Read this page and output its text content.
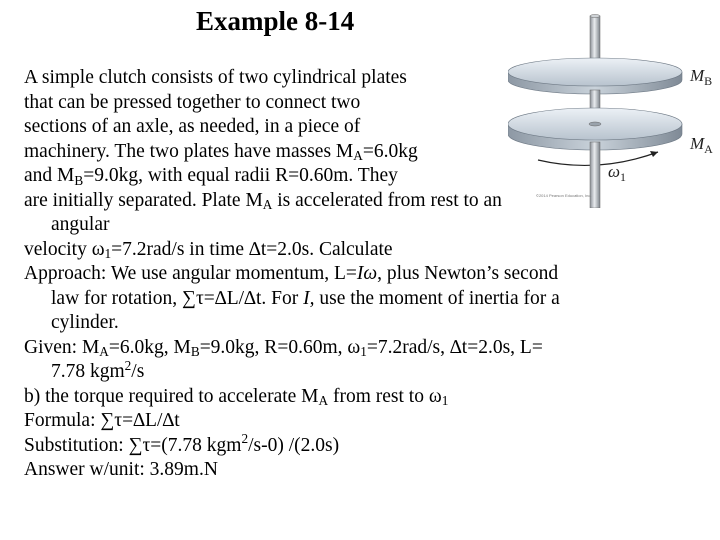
Example 8-14
$M_B$
$M_A$
$\omega_1$
©2014 Pearson Education, Inc.
A simple clutch consists of two cylindrical plates
that can be pressed together to connect two
sections of an axle, as needed, in a piece of
machinery. The two plates have masses $M_A=6.0kg$
and $M_B=9.0kg$, with equal radii R=0.60m. They
are initially separated. Plate $M_A$ is accelerated from rest to an
angular
velocity $\omega_1=7.2rad/s$ in time ∆t=2.0s. Calculate
Approach: We use angular momentum, L=Iω, plus Newton’s second
law for rotation, ∑τ=∆L/∆t. For I, use the moment of inertia for a
cylinder.
Given: $M_A=6.0kg$, $M_B=9.0kg$, R=0.60m, $\omega_1=7.2rad/s$, ∆t=2.0s, L=
7.78 kgm$^2$/s
b) the torque required to accelerate $M_A$ from rest to $\omega_1$
Formula: ∑τ=∆L/∆t
Substitution: ∑τ=(7.78 kgm$^2$/s-0) /(2.0s)
Answer w/unit: 3.89m.N
